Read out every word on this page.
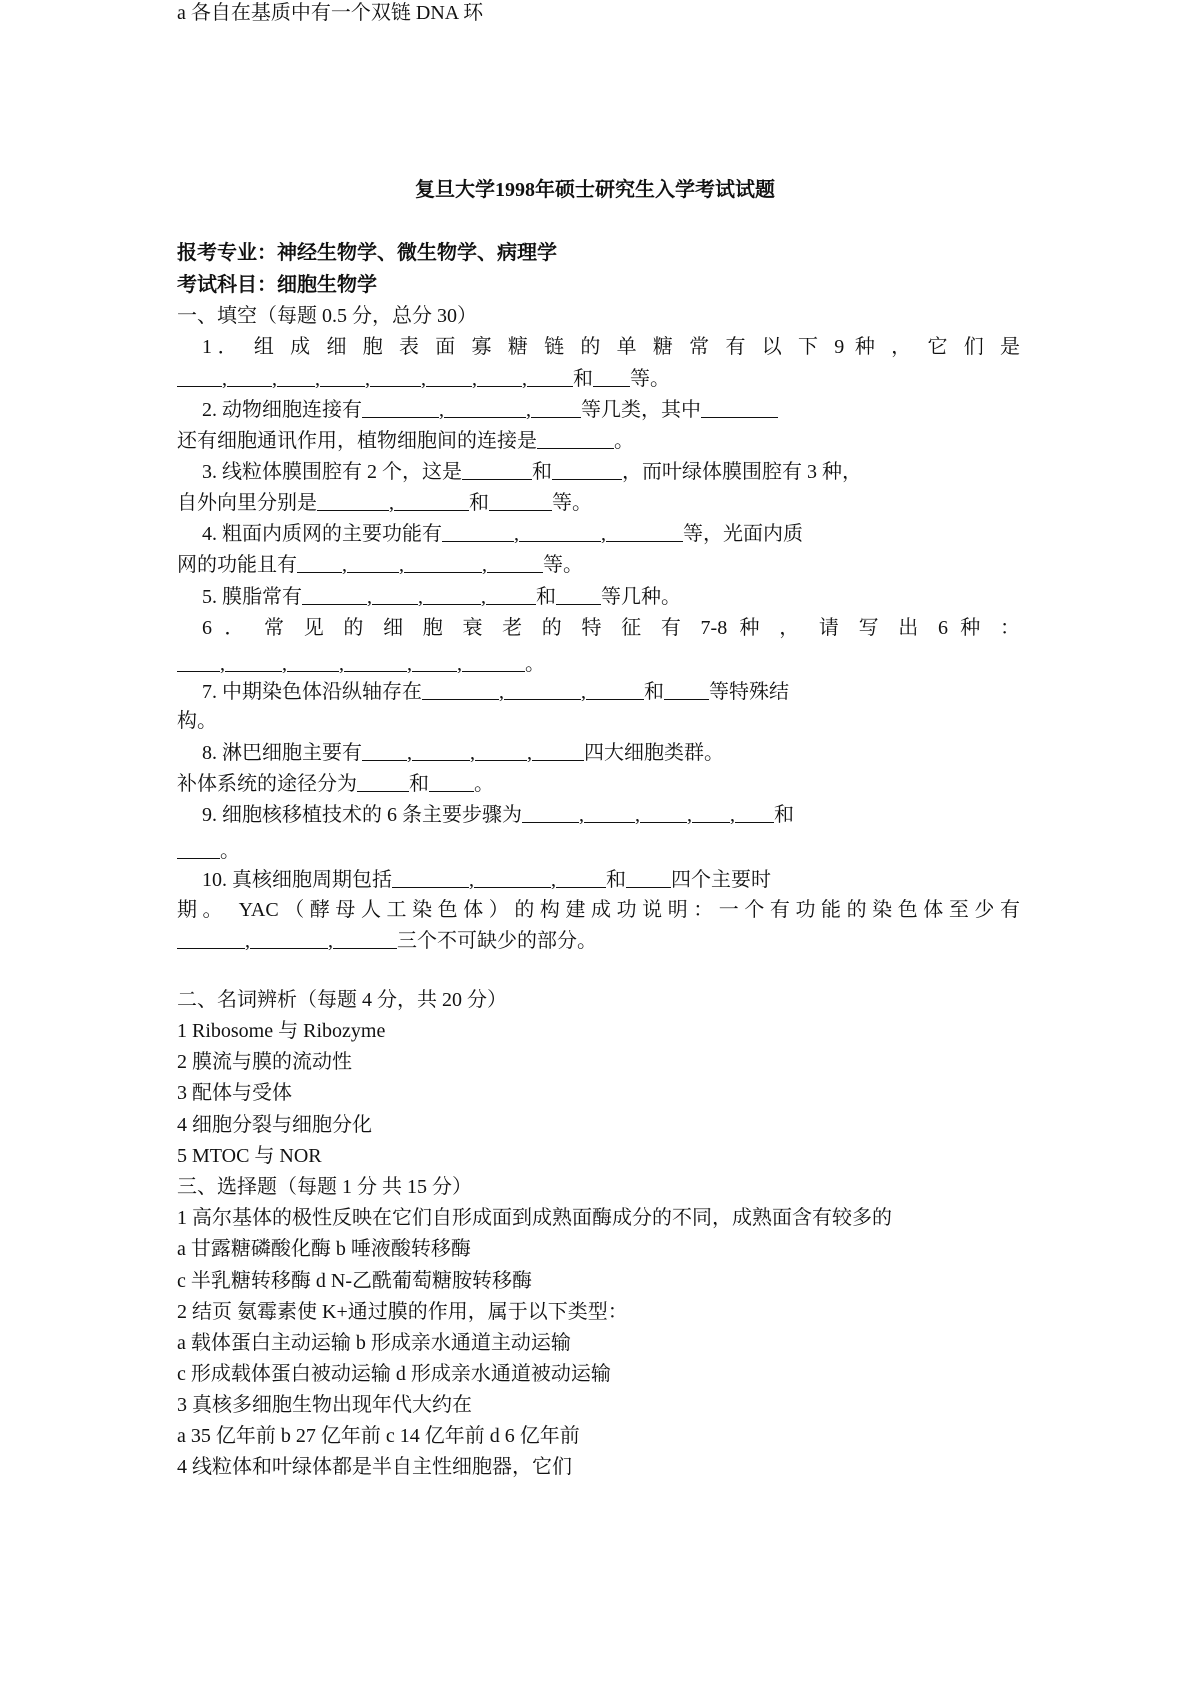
复旦大学1998年硕士研究生入学考试试题
报考专业：神经生物学、微生物学、病理学
考试科目：细胞生物学
一、填空（每题 0.5 分，总分 30）
1． 组 成 细 胞 表 面 寡 糖 链 的 单 糖 常 有 以 下 9 种 ， 它 们 是
, , , ,	, , , 和 等。
2. 动物细胞连接有	,	,	等几类，其中
还有细胞通讯作用，植物细胞间的连接是	。
3. 线粒体膜围腔有 2 个，这是	和	，而叶绿体膜围腔有 3 种，
自外向里分别是	,	和	等。
4. 粗面内质网的主要功能有	,	,	等，光面内质
网的功能且有 ,	,	,	等。
5. 膜脂常有	, ,	,	和 等几种。
6 ． 常 见 的 细 胞 衰 老 的 特 征 有 7-8 种 ， 请 写 出 6 种 ：
,	,	,	, ,	。
7. 中期染色体沿纵轴存在	,	,	和 等特殊结
构。
8. 淋巴细胞主要有 ,	,	,	四大细胞类群。
补体系统的途径分为	和 。
9. 细胞核移植技术的 6 条主要步骤为	,	, , , 和
。
10. 真核细胞周期包括	,	,	和 四个主要时
期。 YAC（酵母人工染色体）的构建成功说明：一个有功能的染色体至少有
,	,	三个不可缺少的部分。
二、名词辨析（每题 4 分，共 20 分）
1 Ribosome 与 Ribozyme
2 膜流与膜的流动性
3 配体与受体
4 细胞分裂与细胞分化
5 MTOC 与 NOR
三、选择题（每题 1 分 共 15 分）
1 高尔基体的极性反映在它们自形成面到成熟面酶成分的不同，成熟面含有较多的
a 甘露糖磷酸化酶 b 唾液酸转移酶
c 半乳糖转移酶 d N-乙酰葡萄糖胺转移酶
2 结页 氨霉素使 K+通过膜的作用，属于以下类型：
a 载体蛋白主动运输 b 形成亲水通道主动运输
c 形成载体蛋白被动运输 d 形成亲水通道被动运输
3 真核多细胞生物出现年代大约在
a 35 亿年前 b 27 亿年前 c 14 亿年前 d 6 亿年前
4 线粒体和叶绿体都是半自主性细胞器，它们
a 各自在基质中有一个双链 DNA 环
